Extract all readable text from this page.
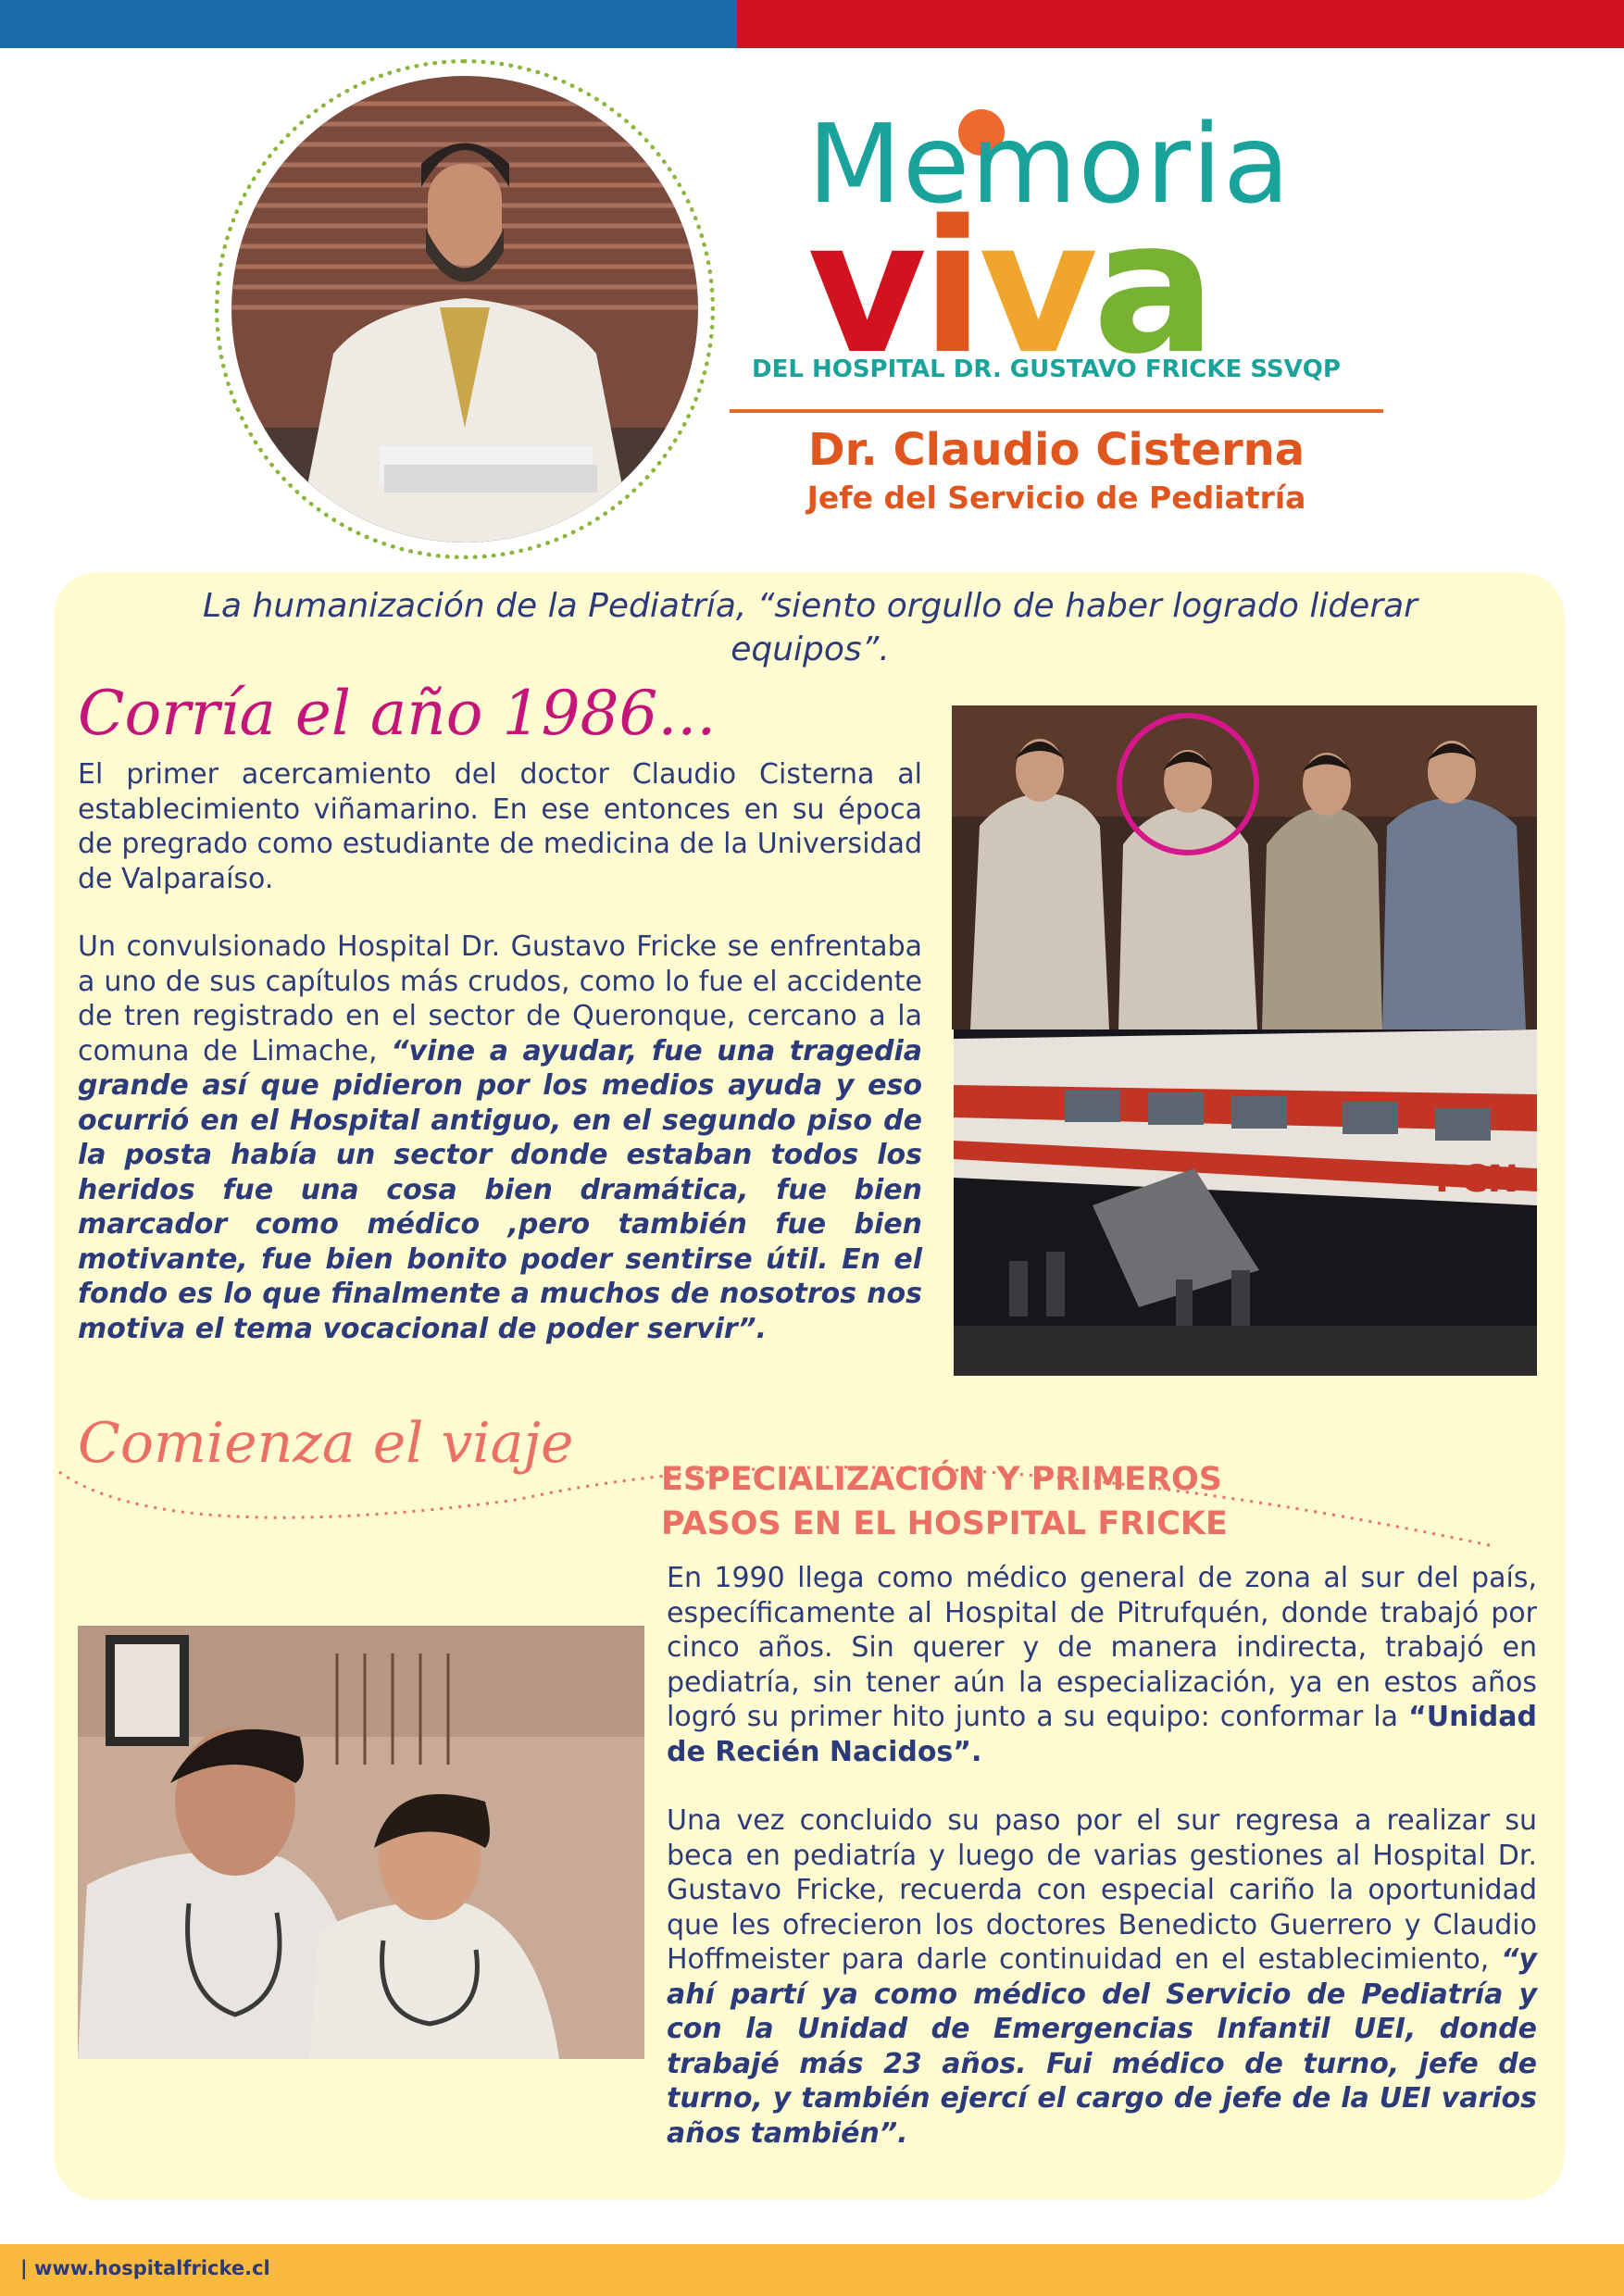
Memoria
viva
DEL HOSPITAL DR. GUSTAVO FRICKE SSVQP
Dr. Claudio Cisterna
Jefe del Servicio de Pediatría
La humanización de la Pediatría, “siento orgullo de haber logrado liderar equipos”.
Corría el año 1986...
El primer acercamiento del doctor Claudio Cisterna al establecimiento viñamarino. En ese entonces en su época de pregrado como estudiante de medicina de la Universidad de Valparaíso.
Un convulsionado Hospital Dr. Gustavo Fricke se enfrentaba a uno de sus capítulos más crudos, como lo fue el accidente de tren registrado en el sector de Queronque, cercano a la comuna de Limache, “vine a ayudar, fue una tragedia grande así que pidieron por los medios ayuda y eso ocurrió en el Hospital antiguo, en el segundo piso de la posta había un sector donde estaban todos los heridos fue una cosa bien dramática, fue bien marcador como médico ,pero también fue bien motivante, fue bien bonito poder sentirse útil. En el fondo es lo que finalmente a muchos de nosotros nos motiva el tema vocacional de poder servir”.
FCN
Comienza el viaje
ESPECIALIZACIÓN Y PRIMEROS PASOS EN EL HOSPITAL FRICKE
En 1990 llega como médico general de zona al sur del país, específicamente al Hospital de Pitrufquén, donde trabajó por cinco años. Sin querer y de manera indirecta, trabajó en pediatría, sin tener aún la especialización, ya en estos años logró su primer hito junto a su equipo: conformar la “Unidad de Recién Nacidos”.
Una vez concluido su paso por el sur regresa a realizar su beca en pediatría y luego de varias gestiones al Hospital Dr. Gustavo Fricke, recuerda con especial cariño la oportunidad que les ofrecieron los doctores Benedicto Guerrero y Claudio Hoffmeister para darle continuidad en el establecimiento, “y ahí partí ya como médico del Servicio de Pediatría y con la Unidad de Emergencias Infantil UEI, donde trabajé más 23 años. Fui médico de turno, jefe de turno, y también ejercí el cargo de jefe de la UEI varios años también”.
| www.hospitalfricke.cl
